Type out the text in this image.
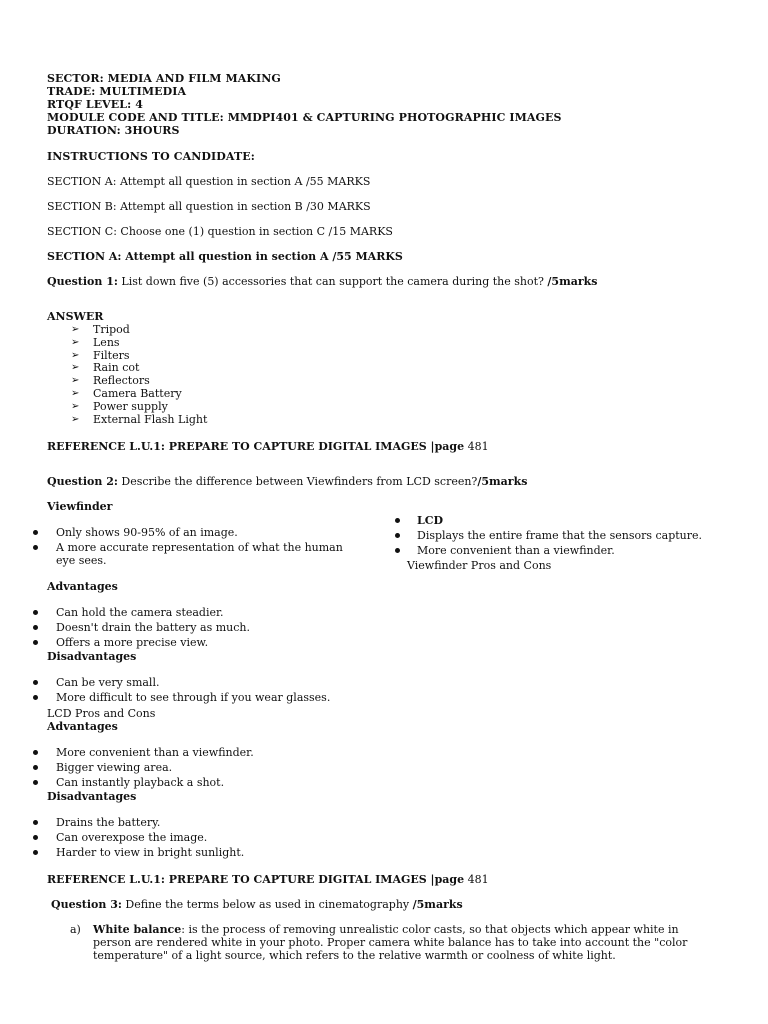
SECTOR: MEDIA AND FILM MAKING
TRADE: MULTIMEDIA
RTQF LEVEL: 4
MODULE CODE AND TITLE: MMDPI401 & CAPTURING PHOTOGRAPHIC IMAGES
DURATION: 3HOURS
INSTRUCTIONS TO CANDIDATE:
SECTION A: Attempt all question in section A /55 MARKS
SECTION B: Attempt all question in section B /30 MARKS
SECTION C: Choose one (1) question in section C /15 MARKS
SECTION A: Attempt all question in section A /55 MARKS
Question 1: List down five (5) accessories that can support the camera during the shot? /5marks
ANSWER
➢ Tripod
➢ Lens
➢ Filters
➢ Rain cot
➢ Reflectors
➢ Camera Battery
➢ Power supply
➢ External Flash Light
REFERENCE L.U.1: PREPARE TO CAPTURE DIGITAL IMAGES |page 481
Question 2: Describe the difference between Viewfinders from LCD screen?/5marks
Viewfinder
Only shows 90-95% of an image.
A more accurate representation of what the human
eye sees.
LCD
Displays the entire frame that the sensors capture.
More convenient than a viewfinder.
Viewfinder Pros and Cons
Advantages
Can hold the camera steadier.
Doesn't drain the battery as much.
Offers a more precise view.
Disadvantages
Can be very small.
More difficult to see through if you wear glasses.
LCD Pros and Cons
Advantages
More convenient than a viewfinder.
Bigger viewing area.
Can instantly playback a shot.
Disadvantages
Drains the battery.
Can overexpose the image.
Harder to view in bright sunlight.
REFERENCE L.U.1: PREPARE TO CAPTURE DIGITAL IMAGES |page 481
Question 3: Define the terms below as used in cinematography /5marks
a) White balance: is the process of removing unrealistic color casts, so that objects which appear white in
person are rendered white in your photo. Proper camera white balance has to take into account the "color
temperature" of a light source, which refers to the relative warmth or coolness of white light.
